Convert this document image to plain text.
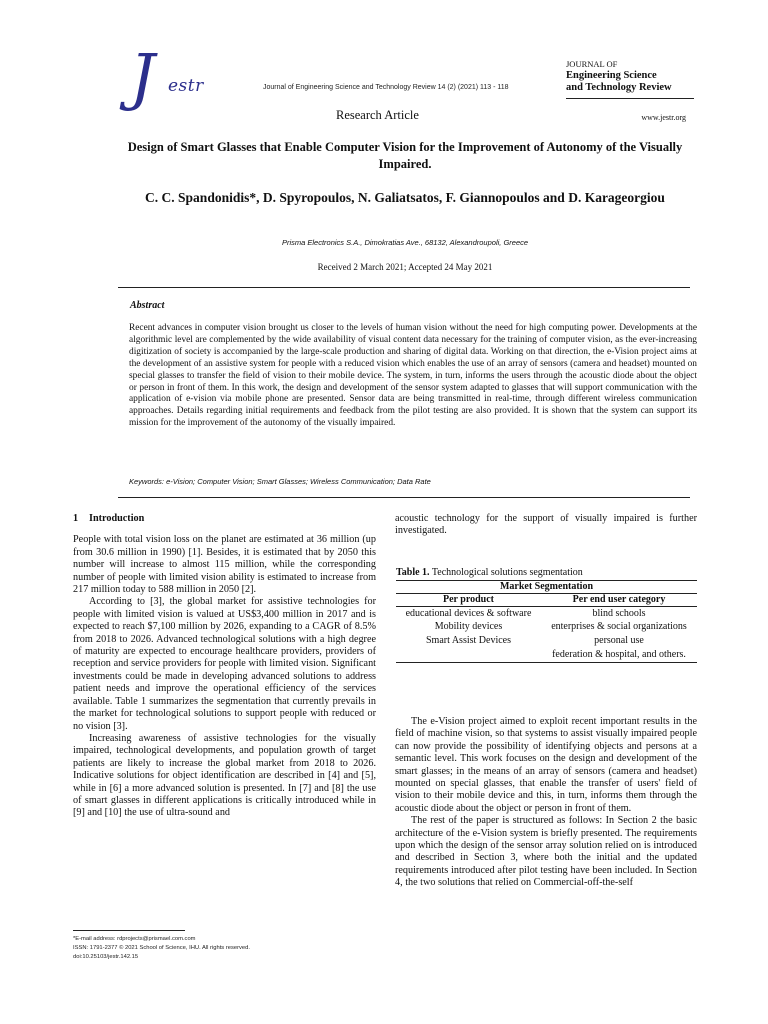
J estr	Journal of Engineering Science and Technology Review 14 (2) (2021) 113 - 118
Research Article
JOURNAL OF
Engineering Science
and Technology Review
www.jestr.org
Design of Smart Glasses that Enable Computer Vision for the Improvement of Autonomy of the Visually Impaired.
C. C. Spandonidis*, D. Spyropoulos, N. Galiatsatos, F. Giannopoulos and D. Karageorgiou
Prisma Electronics S.A., Dimokratias Ave., 68132, Alexandroupoli, Greece
Received 2 March 2021; Accepted 24 May 2021
Abstract
Recent advances in computer vision brought us closer to the levels of human vision without the need for high computing power. Developments at the algorithmic level are complemented by the wide availability of visual content data necessary for the training of computer vision, as the ever-increasing digitization of society is accompanied by the large-scale production and sharing of digital data. Working on that direction, the e-Vision project aims at the development of an assistive system for people with a reduced vision which enables the use of an array of sensors (camera and headset) mounted on special glasses to transfer the field of vision to their mobile device. The system, in turn, informs the users through the acoustic diode about the object or person in front of them. In this work, the design and development of the sensor system adapted to glasses that will support communication with the application of e-vision via mobile phone are presented. Sensor data are being transmitted in real-time, through different wireless communication approaches. Details regarding initial requirements and feedback from the pilot testing are also provided. It is shown that the system can support its mission for the improvement of the autonomy of the visually impaired.
Keywords: e-Vision; Computer Vision; Smart Glasses; Wireless Communication; Data Rate
1 Introduction

People with total vision loss on the planet are estimated at 36 million (up from 30.6 million in 1990) [1]. Besides, it is estimated that by 2050 this number will increase to almost 115 million, while the corresponding number of people with limited vision ability is estimated to increase from 217 million today to 588 million in 2050 [2].

According to [3], the global market for assistive technologies for people with limited vision is valued at US$3,400 million in 2017 and is expected to reach $7,100 million by 2026, expanding to a CAGR of 8.5% from 2018 to 2026. Advanced technological solutions with a high degree of maturity are expected to encourage healthcare providers, providers of reception and service providers for people with limited vision. Significant investments could be made in developing advanced solutions to address patient needs and improve the operational efficiency of the services available. Table 1 summarizes the segmentation that currently prevails in the market for technological solutions to support people with reduced or no vision [3].

Increasing awareness of assistive technologies for the visually impaired, technological developments, and population growth of target patients are likely to increase the global market from 2018 to 2026. Indicative solutions for object identification are described in [4] and [5], while in [6] a more advanced solution is presented. In [7] and [8] the use of smart glasses in different applications is critically introduced while in [9] and [10] the use of ultra-sound and

*E-mail address: rdprojects@prismael.com.com
ISSN: 1791-2377 © 2021 School of Science, IHU. All rights reserved.
doi:10.25103/jestr.142.15

acoustic technology for the support of visually impaired is further investigated.

Table 1. Technological solutions segmentation
Market Segmentation	
Per product	Per end user category
educational devices & software	blind schools
Mobility devices	enterprises & social organizations
Smart Assist Devices	personal use
	federation & hospital, and others.

The e-Vision project aimed to exploit recent important results in the field of machine vision, so that systems to assist visually impaired people can now provide the possibility of identifying objects and persons at a semantic level. This work focuses on the design and development of the smart glasses; in the means of an array of sensors (camera and headset) mounted on special glasses, that enable the transfer of users' field of vision to their mobile device and this, in turn, informs them through the acoustic diode about the object or person in front of them.

The rest of the paper is structured as follows: In Section 2 the basic architecture of the e-Vision system is briefly presented. The requirements upon which the design of the sensor array solution relied on is introduced and described in Section 3, where both the initial and the updated requirements introduced after pilot testing have been included. In Section 4, the two solutions that relied on Commercial-off-the-self
